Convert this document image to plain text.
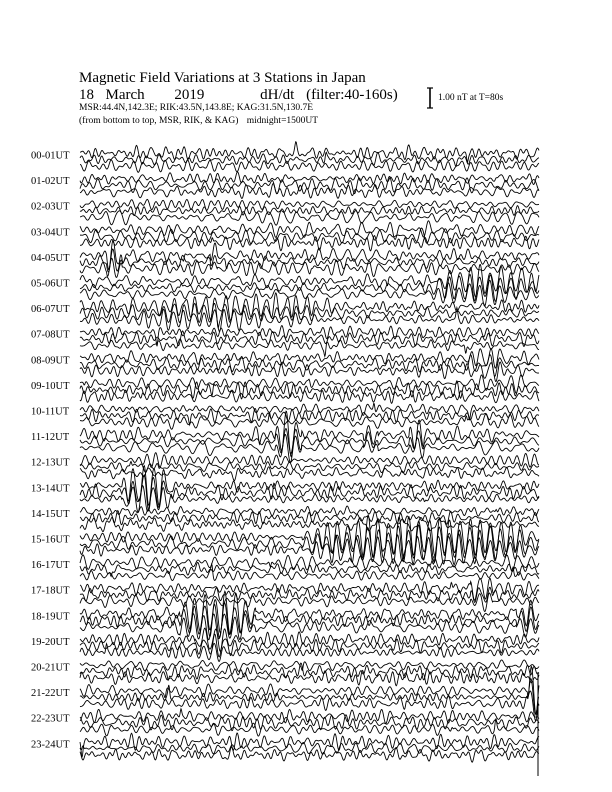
Magnetic Field Variations at 3 Stations in Japan
18 March 2019	dH/dt (filter:40-160s)
MSR:44.4N,142.3E; RIK:43.5N,143.8E; KAG:31.5N,130.7E
(from bottom to top, MSR, RIK, & KAG) midnight=1500UT
1.00 nT at T=80s
00-01UT
01-02UT
02-03UT
03-04UT
04-05UT
05-06UT
06-07UT
07-08UT
08-09UT
09-10UT
10-11UT
11-12UT
12-13UT
13-14UT
14-15UT
15-16UT
16-17UT
17-18UT
18-19UT
19-20UT
20-21UT
21-22UT
22-23UT
23-24UT
